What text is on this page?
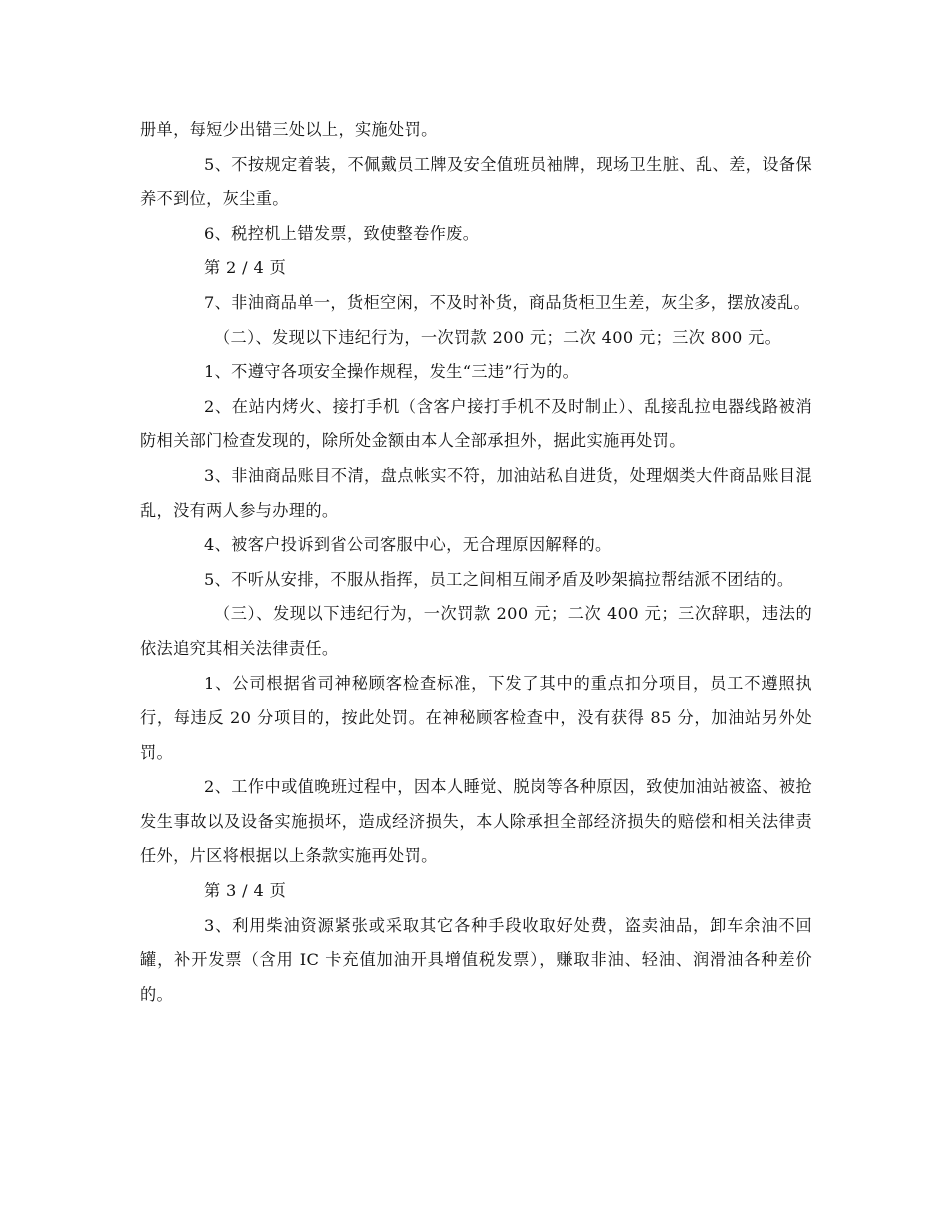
册单，每短少出错三处以上，实施处罚。

5、不按规定着装，不佩戴员工牌及安全值班员袖牌，现场卫生脏、乱、差，设备保养不到位，灰尘重。

6、税控机上错发票，致使整卷作废。

第 2 / 4 页

7、非油商品单一，货柜空闲，不及时补货，商品货柜卫生差，灰尘多，摆放凌乱。

（二）、发现以下违纪行为，一次罚款 200 元；二次 400 元；三次 800 元。

1、不遵守各项安全操作规程，发生“三违”行为的。

2、在站内烤火、接打手机（含客户接打手机不及时制止）、乱接乱拉电器线路被消防相关部门检查发现的，除所处金额由本人全部承担外，据此实施再处罚。

3、非油商品账目不清，盘点帐实不符，加油站私自进货，处理烟类大件商品账目混乱，没有两人参与办理的。

4、被客户投诉到省公司客服中心，无合理原因解释的。

5、不听从安排，不服从指挥，员工之间相互闹矛盾及吵架搞拉帮结派不团结的。

（三）、发现以下违纪行为，一次罚款 200 元；二次 400 元；三次辞职，违法的依法追究其相关法律责任。

1、公司根据省司神秘顾客检查标准，下发了其中的重点扣分项目，员工不遵照执行，每违反 20 分项目的，按此处罚。在神秘顾客检查中，没有获得 85 分，加油站另外处罚。

2、工作中或值晚班过程中，因本人睡觉、脱岗等各种原因，致使加油站被盗、被抢发生事故以及设备实施损坏，造成经济损失，本人除承担全部经济损失的赔偿和相关法律责任外，片区将根据以上条款实施再处罚。

第 3 / 4 页

3、利用柴油资源紧张或采取其它各种手段收取好处费，盗卖油品，卸车余油不回罐，补开发票（含用 IC 卡充值加油开具增值税发票），赚取非油、轻油、润滑油各种差价的。
